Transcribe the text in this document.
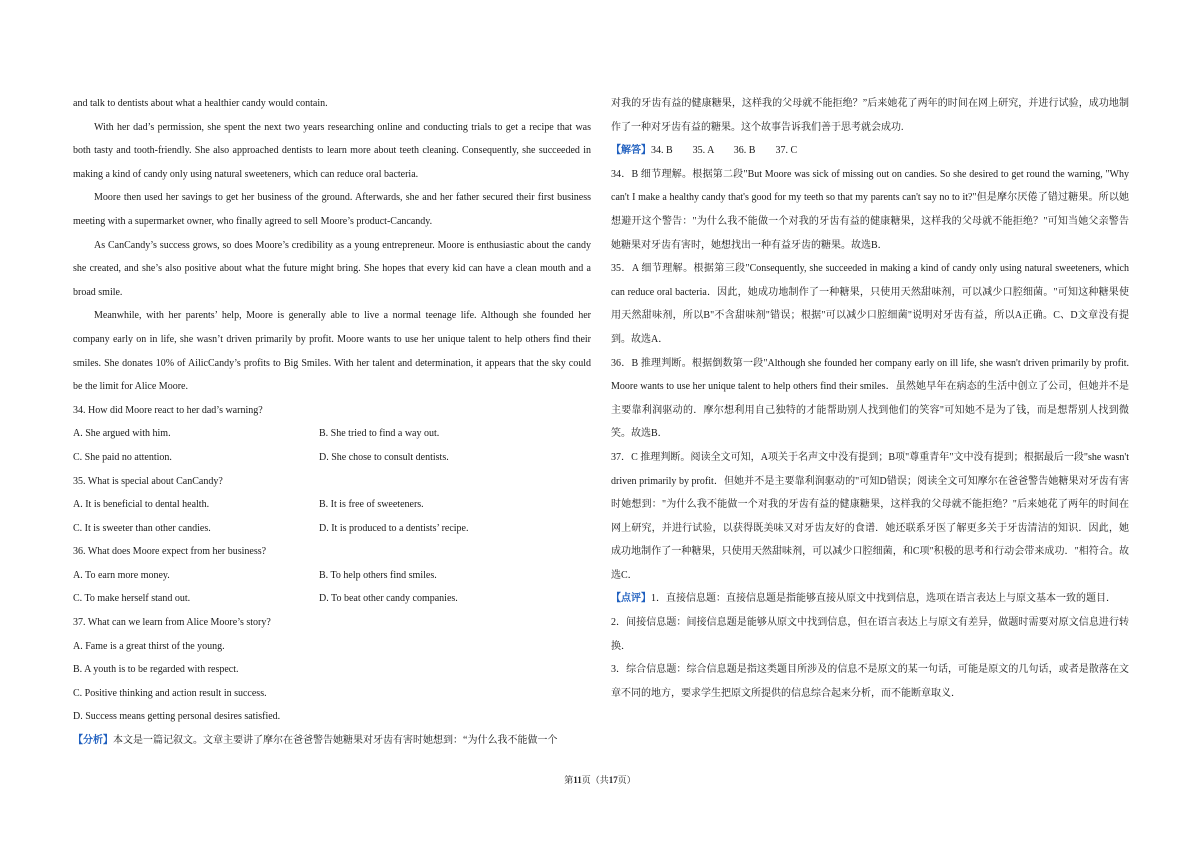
and talk to dentists about what a healthier candy would contain.

With her dad’s permission, she spent the next two years researching online and conducting trials to get a recipe that was both tasty and tooth-friendly. She also approached dentists to learn more about teeth cleaning. Consequently, she succeeded in making a kind of candy only using natural sweeteners, which can reduce oral bacteria.

Moore then used her savings to get her business of the ground. Afterwards, she and her father secured their first business meeting with a supermarket owner, who finally agreed to sell Moore’s product-Cancandy.

As CanCandy’s success grows, so does Moore’s credibility as a young entrepreneur. Moore is enthusiastic about the candy she created, and she’s also positive about what the future might bring. She hopes that every kid can have a clean mouth and a broad smile.

Meanwhile, with her parents’ help, Moore is generally able to live a normal teenage life. Although she founded her company early on in life, she wasn’t driven primarily by profit. Moore wants to use her unique talent to help others find their smiles. She donates 10% of AilicCandy’s profits to Big Smiles. With her talent and determination, it appears that the sky could be the limit for Alice Moore.

34. How did Moore react to her dad’s warning?

A. She argued with him.	B. She tried to find a way out.
C. She paid no attention.	D. She chose to consult dentists.

35. What is special about CanCandy?

A. It is beneficial to dental health.	B. It is free of sweeteners.
C. It is sweeter than other candies.	D. It is produced to a dentists’ recipe.

36. What does Moore expect from her business?

A. To earn more money.	B. To help others find smiles.
C. To make herself stand out.	D. To beat other candy companies.

37. What can we learn from Alice Moore’s story?

A. Fame is a great thirst of the young.

B. A youth is to be regarded with respect.

C. Positive thinking and action result in success.

D. Success means getting personal desires satisfied.

【分析】本文是一篇记叙文。文章主要讲了摩尔在爸爸警告她糖果对牙齿有害时她想到：“为什么我不能做一个

对我的牙齿有益的健康糖果，这样我的父母就不能拒绝？”后来她花了两年的时间在网上研究，并进行试验，成功地制作了一种对牙齿有益的糖果。这个故事告诉我们善于思考就会成功.

【解答】34. B　　35. A　　36. B　　37. C

34．B 细节理解。根据第二段"But Moore was sick of missing out on candies. So she desired to get round the warning, "Why can't I make a healthy candy that's good for my teeth so that my parents can't say no to it?"但是摩尔厌倦了错过糖果。所以她想避开这个警告："为什么我不能做一个对我的牙齿有益的健康糖果，这样我的父母就不能拒绝？"可知当她父亲警告她糖果对牙齿有害时，她想找出一种有益牙齿的糖果。故选B．

35．A 细节理解。根据第三段"Consequently, she succeeded in making a kind of candy only using natural sweeteners, which can reduce oral bacteria．因此，她成功地制作了一种糖果，只使用天然甜味剂，可以减少口腔细菌。"可知这种糖果使用天然甜味剂，所以B"不含甜味剂"错误；根据"可以减少口腔细菌"说明对牙齿有益，所以A正确。C、D文章没有提到。故选A．

36．B 推理判断。根据倒数第一段"Although she founded her company early on ill life, she wasn't driven primarily by profit. Moore wants to use her unique talent to help others find their smiles．虽然她早年在病态的生活中创立了公司，但她并不是主要靠利润驱动的．摩尔想利用自己独特的才能帮助别人找到他们的笑容"可知她不是为了钱，而是想帮别人找到微笑。故选B．

37．C 推理判断。阅读全文可知，A项关于名声文中没有提到；B项"尊重青年"文中没有提到；根据最后一段"she wasn't driven primarily by profit．但她并不是主要靠利润驱动的"可知D错误；阅读全文可知摩尔在爸爸警告她糖果对牙齿有害时她想到："为什么我不能做一个对我的牙齿有益的健康糖果，这样我的父母就不能拒绝？"后来她花了两年的时间在网上研究，并进行试验，以获得既美味又对牙齿友好的食谱．她还联系牙医了解更多关于牙齿清洁的知识．因此，她成功地制作了一种糖果，只使用天然甜味剂，可以减少口腔细菌，和C项"积极的思考和行动会带来成功．"相符合。故选C．

【点评】1．直接信息题：直接信息题是指能够直接从原文中找到信息，选项在语言表达上与原文基本一致的题目．

2．间接信息题：间接信息题是能够从原文中找到信息，但在语言表达上与原文有差异，做题时需要对原文信息进行转换．

3．综合信息题：综合信息题是指这类题目所涉及的信息不是原文的某一句话，可能是原文的几句话，或者是散落在文章不同的地方，要求学生把原文所提供的信息综合起来分析，而不能断章取义．

第11页（共17页）
